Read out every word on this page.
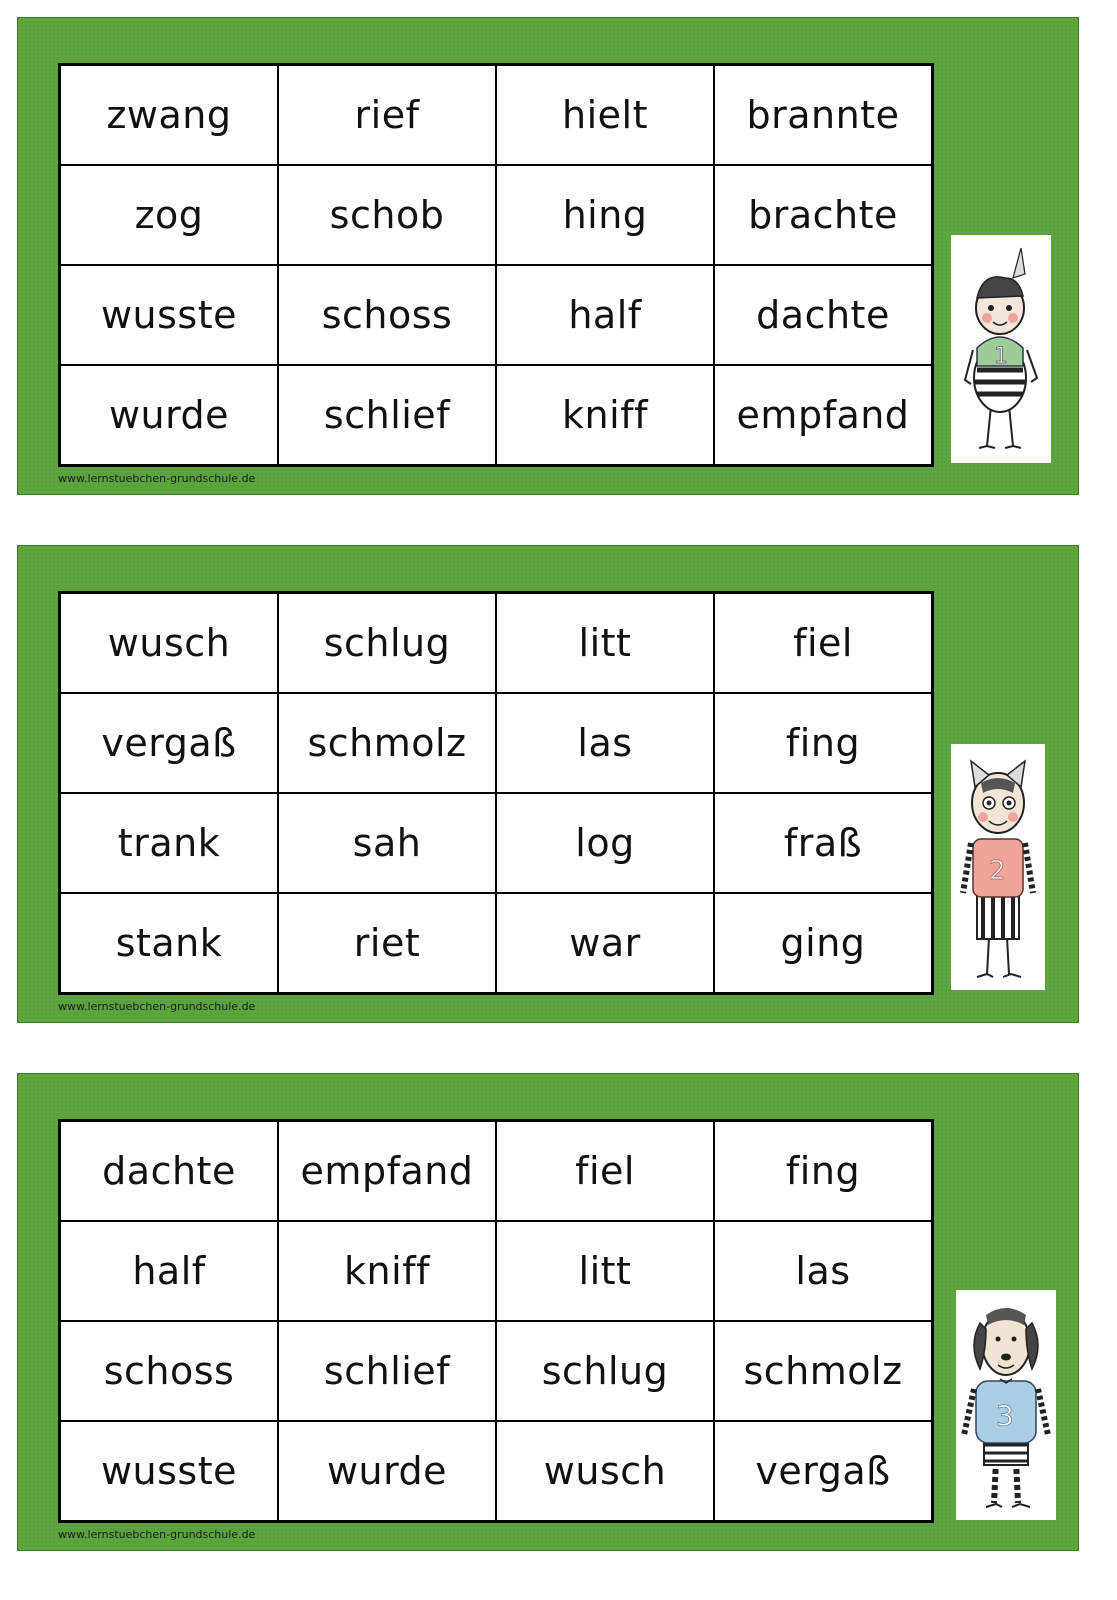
zwang	rief	hielt	brannte
zog	schob	hing	brachte
wusste	schoss	half	dachte
wurde	schlief	kniff	empfand
1
www.lernstuebchen-grundschule.de
wusch	schlug	litt	fiel
vergaß	schmolz	las	fing
trank	sah	log	fraß
stank	riet	war	ging
2
www.lernstuebchen-grundschule.de
dachte	empfand	fiel	fing
half	kniff	litt	las
schoss	schlief	schlug	schmolz
wusste	wurde	wusch	vergaß
3
www.lernstuebchen-grundschule.de
